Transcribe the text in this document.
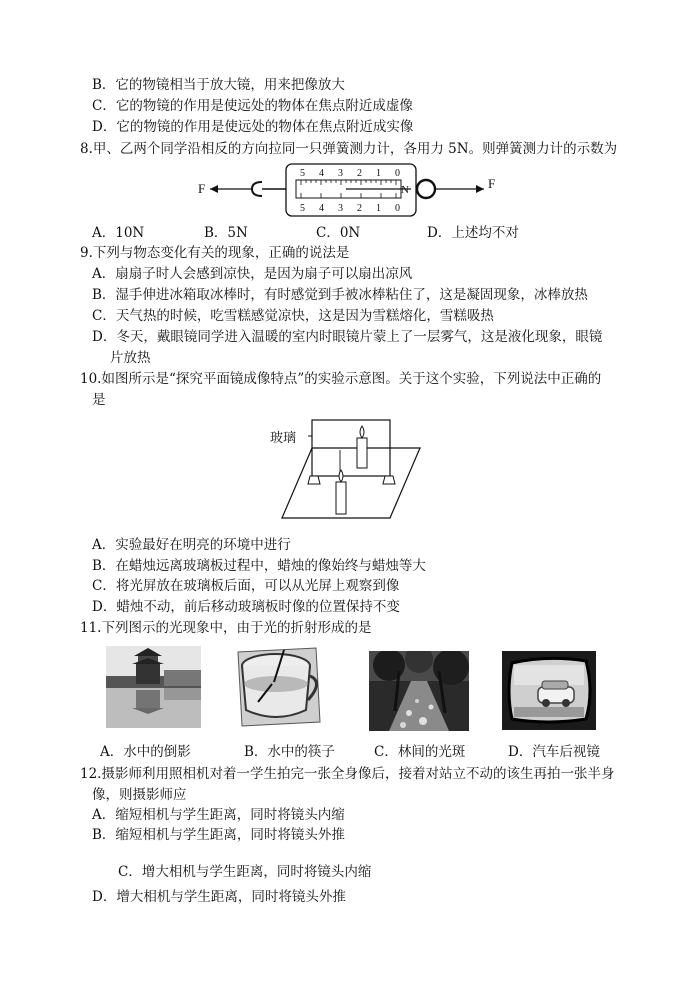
B．它的物镜相当于放大镜，用来把像放大
C．它的物镜的作用是使远处的物体在焦点附近成虚像
D．它的物镜的作用是使远处的物体在焦点附近成实像
8.甲、乙两个同学沿相反的方向拉同一只弹簧测力计，各用力 5N。则弹簧测力计的示数为
F
5 4 3 2 1 0
5 4 3 2 1 0
N	F
A．10N	B．5N	C．0N	D．上述均不对
9.下列与物态变化有关的现象，正确的说法是
A．扇扇子时人会感到凉快，是因为扇子可以扇出凉风
B．湿手伸进冰箱取冰棒时，有时感觉到手被冰棒粘住了，这是凝固现象，冰棒放热
C．天气热的时候，吃雪糕感觉凉快，这是因为雪糕熔化，雪糕吸热
D．冬天，戴眼镜同学进入温暖的室内时眼镜片蒙上了一层雾气，这是液化现象，眼镜
片放热
10.如图所示是“探究平面镜成像特点”的实验示意图。关于这个实验，下列说法中正确的
是
玻璃
A．实验最好在明亮的环境中进行
B．在蜡烛远离玻璃板过程中，蜡烛的像始终与蜡烛等大
C．将光屏放在玻璃板后面，可以从光屏上观察到像
D．蜡烛不动，前后移动玻璃板时像的位置保持不变
11.下列图示的光现象中，由于光的折射形成的是
A．水中的倒影	B．水中的筷子	C．林间的光斑	D．汽车后视镜
12.摄影师利用照相机对着一学生拍完一张全身像后，接着对站立不动的该生再拍一张半身
像，则摄影师应
A．缩短相机与学生距离，同时将镜头内缩
B．缩短相机与学生距离，同时将镜头外推
C．增大相机与学生距离，同时将镜头内缩
D．增大相机与学生距离，同时将镜头外推
